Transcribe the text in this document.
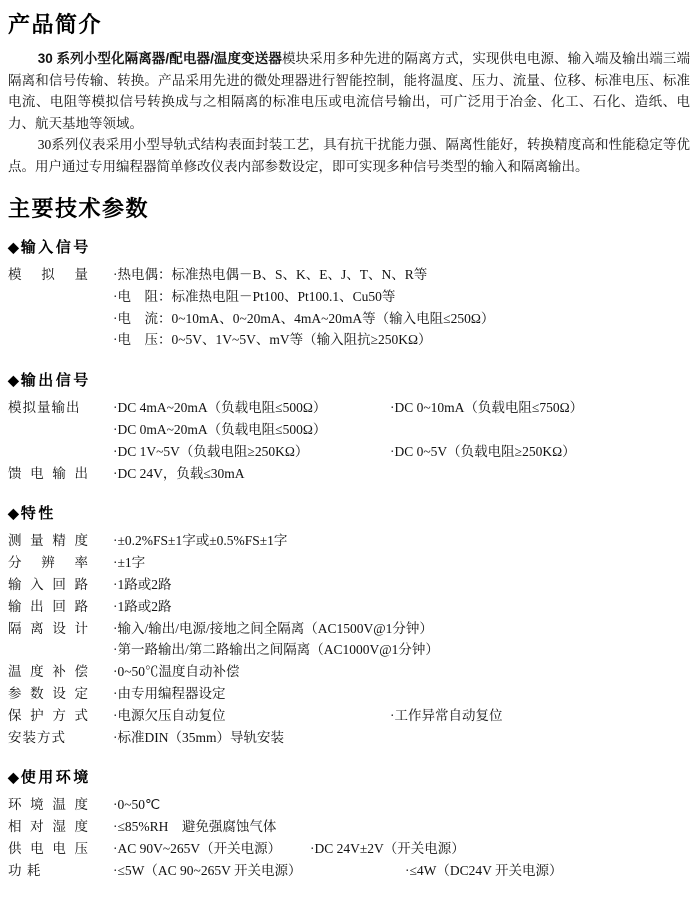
产品简介

30 系列小型化隔离器/配电器/温度变送器模块采用多种先进的隔离方式，实现供电电源、输入端及输出端三端隔离和信号传输、转换。产品采用先进的微处理器进行智能控制，能将温度、压力、流量、位移、标准电压、标准电流、电阻等模拟信号转换成与之相隔离的标准电压或电流信号输出，可广泛用于冶金、化工、石化、造纸、电力、航天基地等领域。

30系列仪表采用小型导轨式结构表面封装工艺，具有抗干扰能力强、隔离性能好，转换精度高和性能稳定等优点。用户通过专用编程器简单修改仪表内部参数设定，即可实现多种信号类型的输入和隔离输出。

主要技术参数
◆ 输入信号
模拟量 ·热电偶：标准热电偶－B、S、K、E、J、T、N、R等
·电　阻：标准热电阻－Pt100、Pt100.1、Cu50等
·电　流：0~10mA、0~20mA、4mA~20mA等（输入电阻≤250Ω）
·电　压：0~5V、1V~5V、mV等（输入阻抗≥250KΩ）
◆ 输出信号
模拟量输出	·DC 4mA~20mA（负载电阻≤500Ω）	·DC 0~10mA（负载电阻≤750Ω）
·DC 0mA~20mA（负载电阻≤500Ω）
·DC 1V~5V（负载电阻≥250KΩ）	·DC 0~5V（负载电阻≥250KΩ）
馈电输出 ·DC 24V，负载≤30mA
◆ 特性
测量精度 ·±0.2%FS±1字或±0.5%FS±1字
分辨率 ·±1字
输入回路 ·1路或2路
输出回路 ·1路或2路
隔离设计 ·输入/输出/电源/接地之间全隔离（AC1500V@1分钟）
·第一路输出/第二路输出之间隔离（AC1000V@1分钟）
温度补偿 ·0~50℃温度自动补偿
参数设定 ·由专用编程器设定
保护方式 ·电源欠压自动复位	·工作异常自动复位
安装方式	·标准DIN（35mm）导轨安装
◆ 使用环境
环境温度 ·0~50℃
相对湿度 ·≤85%RH　避免强腐蚀气体
供电电压 ·AC 90V~265V（开关电源） ·DC 24V±2V（开关电源）
功 耗	·≤5W（AC 90~265V 开关电源）	·≤4W（DC24V 开关电源）
